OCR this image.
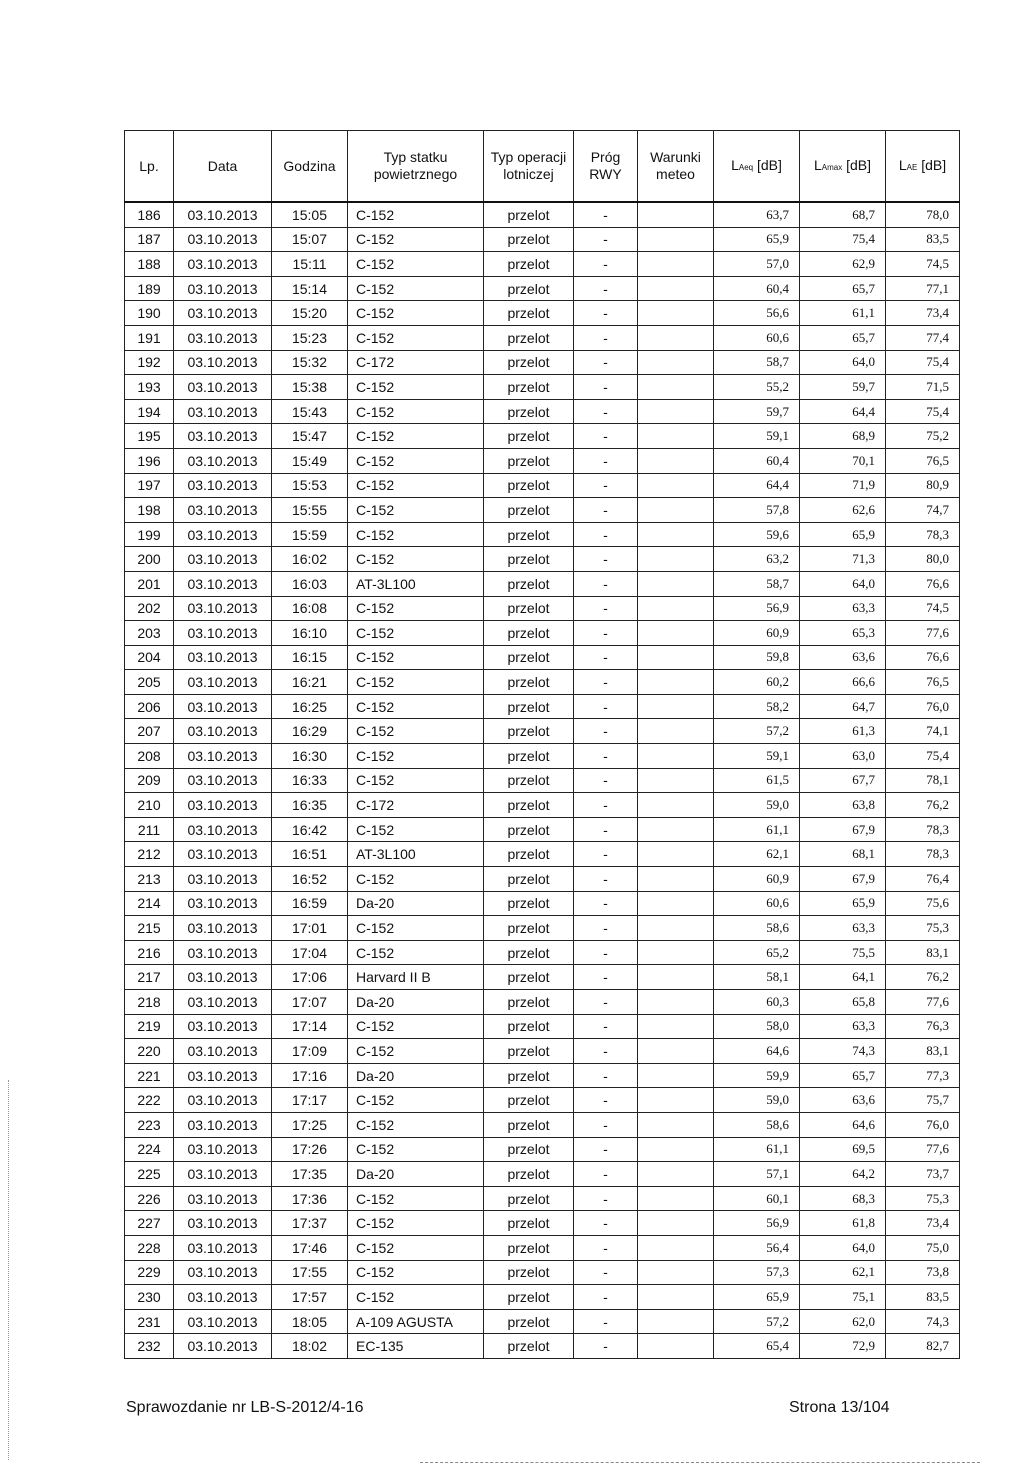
Lp.	Data	Godzina	Typ statku powietrznego	Typ operacji lotniczej	Próg RWY	Warunki meteo	LAeq [dB]	LAmax [dB]	LAE [dB]
186	03.10.2013	15:05	C-152	przelot	-		63,7	68,7	78,0
187	03.10.2013	15:07	C-152	przelot	-		65,9	75,4	83,5
188	03.10.2013	15:11	C-152	przelot	-		57,0	62,9	74,5
189	03.10.2013	15:14	C-152	przelot	-		60,4	65,7	77,1
190	03.10.2013	15:20	C-152	przelot	-		56,6	61,1	73,4
191	03.10.2013	15:23	C-152	przelot	-		60,6	65,7	77,4
192	03.10.2013	15:32	C-172	przelot	-		58,7	64,0	75,4
193	03.10.2013	15:38	C-152	przelot	-		55,2	59,7	71,5
194	03.10.2013	15:43	C-152	przelot	-		59,7	64,4	75,4
195	03.10.2013	15:47	C-152	przelot	-		59,1	68,9	75,2
196	03.10.2013	15:49	C-152	przelot	-		60,4	70,1	76,5
197	03.10.2013	15:53	C-152	przelot	-		64,4	71,9	80,9
198	03.10.2013	15:55	C-152	przelot	-		57,8	62,6	74,7
199	03.10.2013	15:59	C-152	przelot	-		59,6	65,9	78,3
200	03.10.2013	16:02	C-152	przelot	-		63,2	71,3	80,0
201	03.10.2013	16:03	AT-3L100	przelot	-		58,7	64,0	76,6
202	03.10.2013	16:08	C-152	przelot	-		56,9	63,3	74,5
203	03.10.2013	16:10	C-152	przelot	-		60,9	65,3	77,6
204	03.10.2013	16:15	C-152	przelot	-		59,8	63,6	76,6
205	03.10.2013	16:21	C-152	przelot	-		60,2	66,6	76,5
206	03.10.2013	16:25	C-152	przelot	-		58,2	64,7	76,0
207	03.10.2013	16:29	C-152	przelot	-		57,2	61,3	74,1
208	03.10.2013	16:30	C-152	przelot	-		59,1	63,0	75,4
209	03.10.2013	16:33	C-152	przelot	-		61,5	67,7	78,1
210	03.10.2013	16:35	C-172	przelot	-		59,0	63,8	76,2
211	03.10.2013	16:42	C-152	przelot	-		61,1	67,9	78,3
212	03.10.2013	16:51	AT-3L100	przelot	-		62,1	68,1	78,3
213	03.10.2013	16:52	C-152	przelot	-		60,9	67,9	76,4
214	03.10.2013	16:59	Da-20	przelot	-		60,6	65,9	75,6
215	03.10.2013	17:01	C-152	przelot	-		58,6	63,3	75,3
216	03.10.2013	17:04	C-152	przelot	-		65,2	75,5	83,1
217	03.10.2013	17:06	Harvard II B	przelot	-		58,1	64,1	76,2
218	03.10.2013	17:07	Da-20	przelot	-		60,3	65,8	77,6
219	03.10.2013	17:14	C-152	przelot	-		58,0	63,3	76,3
220	03.10.2013	17:09	C-152	przelot	-		64,6	74,3	83,1
221	03.10.2013	17:16	Da-20	przelot	-		59,9	65,7	77,3
222	03.10.2013	17:17	C-152	przelot	-		59,0	63,6	75,7
223	03.10.2013	17:25	C-152	przelot	-		58,6	64,6	76,0
224	03.10.2013	17:26	C-152	przelot	-		61,1	69,5	77,6
225	03.10.2013	17:35	Da-20	przelot	-		57,1	64,2	73,7
226	03.10.2013	17:36	C-152	przelot	-		60,1	68,3	75,3
227	03.10.2013	17:37	C-152	przelot	-		56,9	61,8	73,4
228	03.10.2013	17:46	C-152	przelot	-		56,4	64,0	75,0
229	03.10.2013	17:55	C-152	przelot	-		57,3	62,1	73,8
230	03.10.2013	17:57	C-152	przelot	-		65,9	75,1	83,5
231	03.10.2013	18:05	A-109 AGUSTA	przelot	-		57,2	62,0	74,3
232	03.10.2013	18:02	EC-135	przelot	-		65,4	72,9	82,7
Sprawozdanie nr LB-S-2012/4-16	Strona 13/104
